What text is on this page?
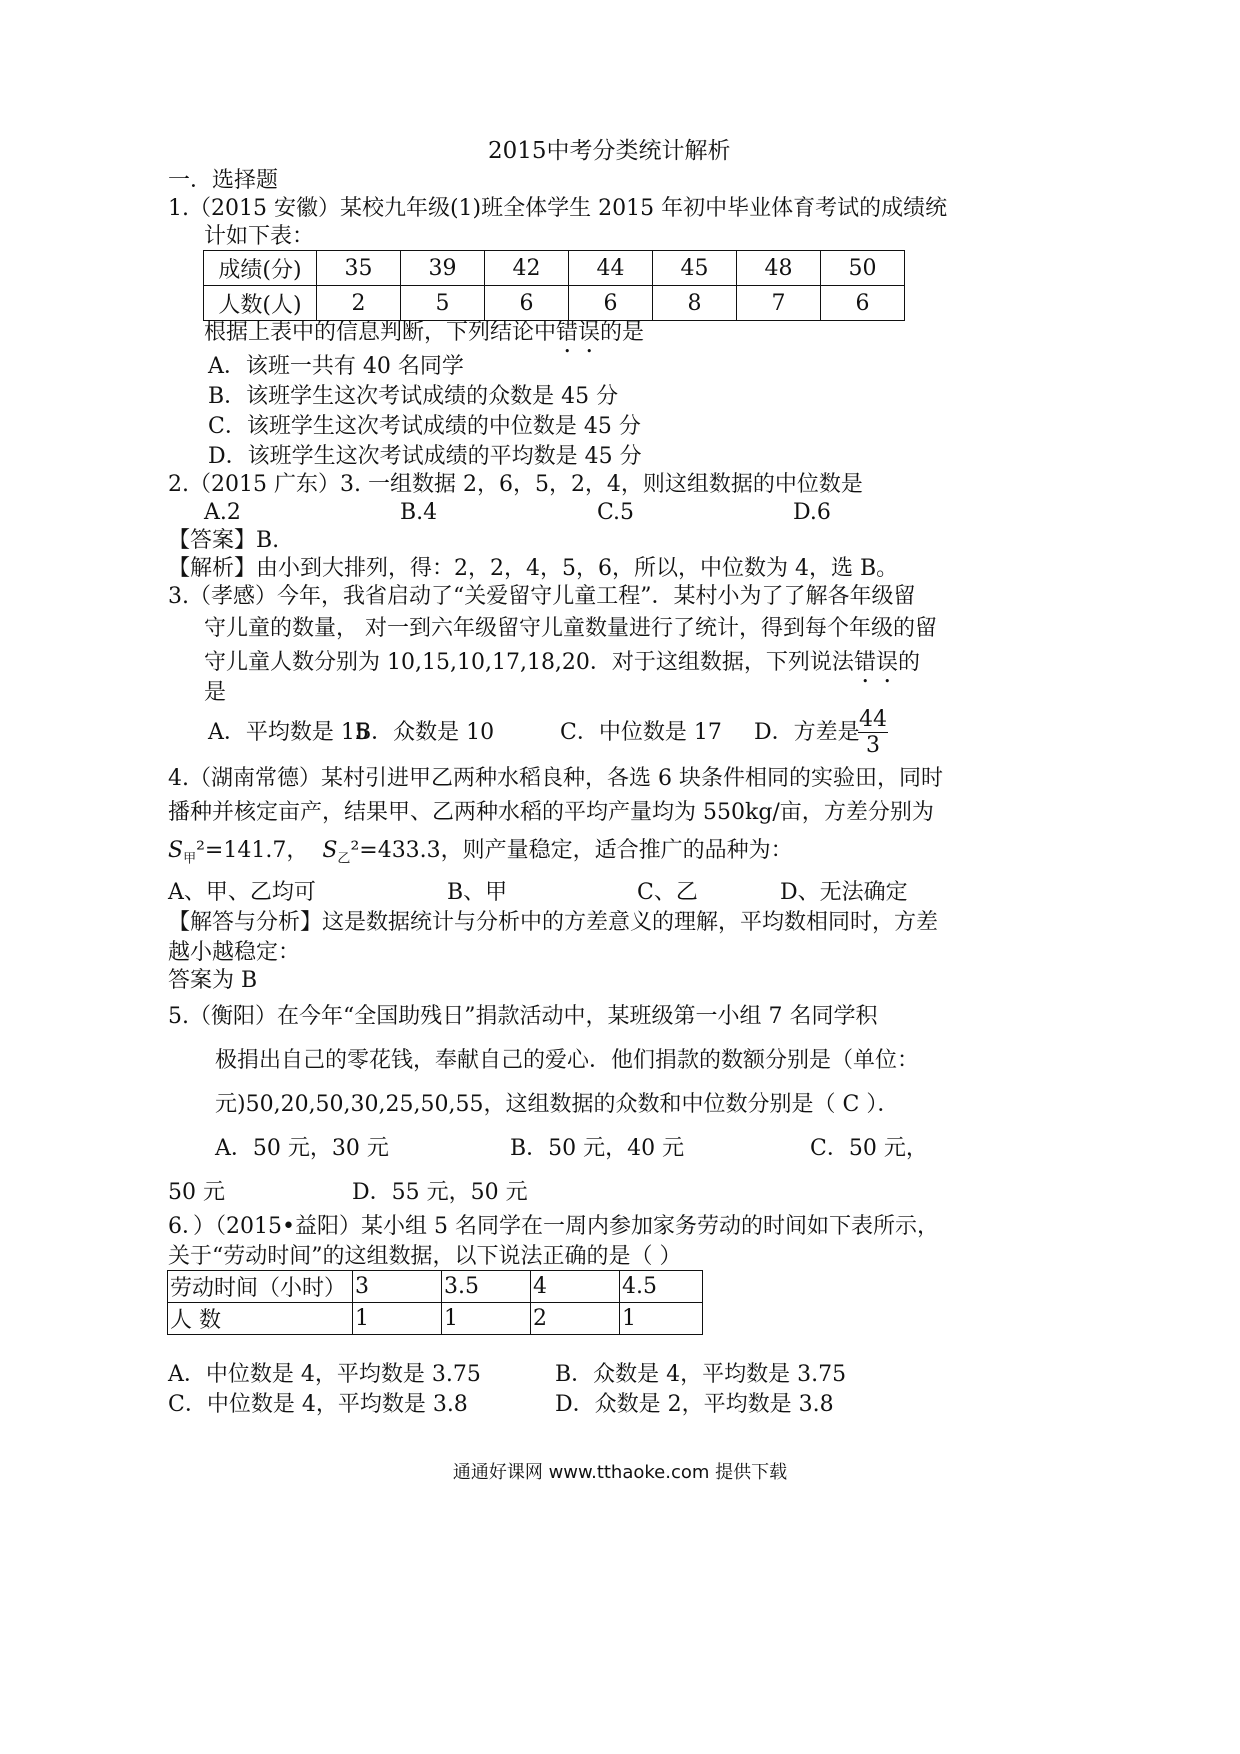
2015中考分类统计解析
一．选择题
1.（2015 安徽）某校九年级(1)班全体学生 2015 年初中毕业体育考试的成绩统
计如下表：
成绩(分)	35	39	42	44	45	48	50
人数(人)	2	5	6	6	8	7	6
根据上表中的信息判断，下列结论中错误的是
A．该班一共有 40 名同学
B．该班学生这次考试成绩的众数是 45 分
C．该班学生这次考试成绩的中位数是 45 分
D．该班学生这次考试成绩的平均数是 45 分
2.（2015 广东）3. 一组数据 2，6，5，2，4，则这组数据的中位数是
A.2	B.4	C.5	D.6
【答案】B.
【解析】由小到大排列，得：2，2，4，5，6，所以，中位数为 4，选 B。
3.（孝感）今年，我省启动了“关爱留守儿童工程”．某村小为了了解各年级留
守儿童的数量， 对一到六年级留守儿童数量进行了统计，得到每个年级的留
守儿童人数分别为 10,15,10,17,18,20．对于这组数据，下列说法错误的
是
A．平均数是 15
B．众数是 10	C．中位数是 17 D．方差是
$\frac{44}{3}$
4.（湖南常德）某村引进甲乙两种水稻良种，各选 6 块条件相同的实验田，同时
播种并核定亩产，结果甲、乙两种水稻的平均产量均为 550kg/亩，方差分别为
$S_甲^2=141.7$， $S_乙^2=433.3$，则产量稳定，适合推广的品种为：
A、甲、乙均可	B、甲	C、乙	D、无法确定
【解答与分析】这是数据统计与分析中的方差意义的理解，平均数相同时，方差
越小越稳定：
答案为 B
5.（衡阳）在今年“全国助残日”捐款活动中，某班级第一小组 7 名同学积
极捐出自己的零花钱，奉献自己的爱心．他们捐款的数额分别是（单位：
元)50,20,50,30,25,50,55，这组数据的众数和中位数分别是（ C ）．
A．50 元，30 元	B．50 元，40 元	C．50 元，
50 元	D．55 元，50 元
6．）（2015•益阳）某小组 5 名同学在一周内参加家务劳动的时间如下表所示，
关于“劳动时间”的这组数据，以下说法正确的是（ ）
劳动时间（小时）	3	3.5	4	4.5
人 数	1	1	2	1
A．中位数是 4，平均数是 3.75	B．众数是 4，平均数是 3.75
C．中位数是 4，平均数是 3.8	D．众数是 2，平均数是 3.8
通通好课网 www.tthaoke.com 提供下载
